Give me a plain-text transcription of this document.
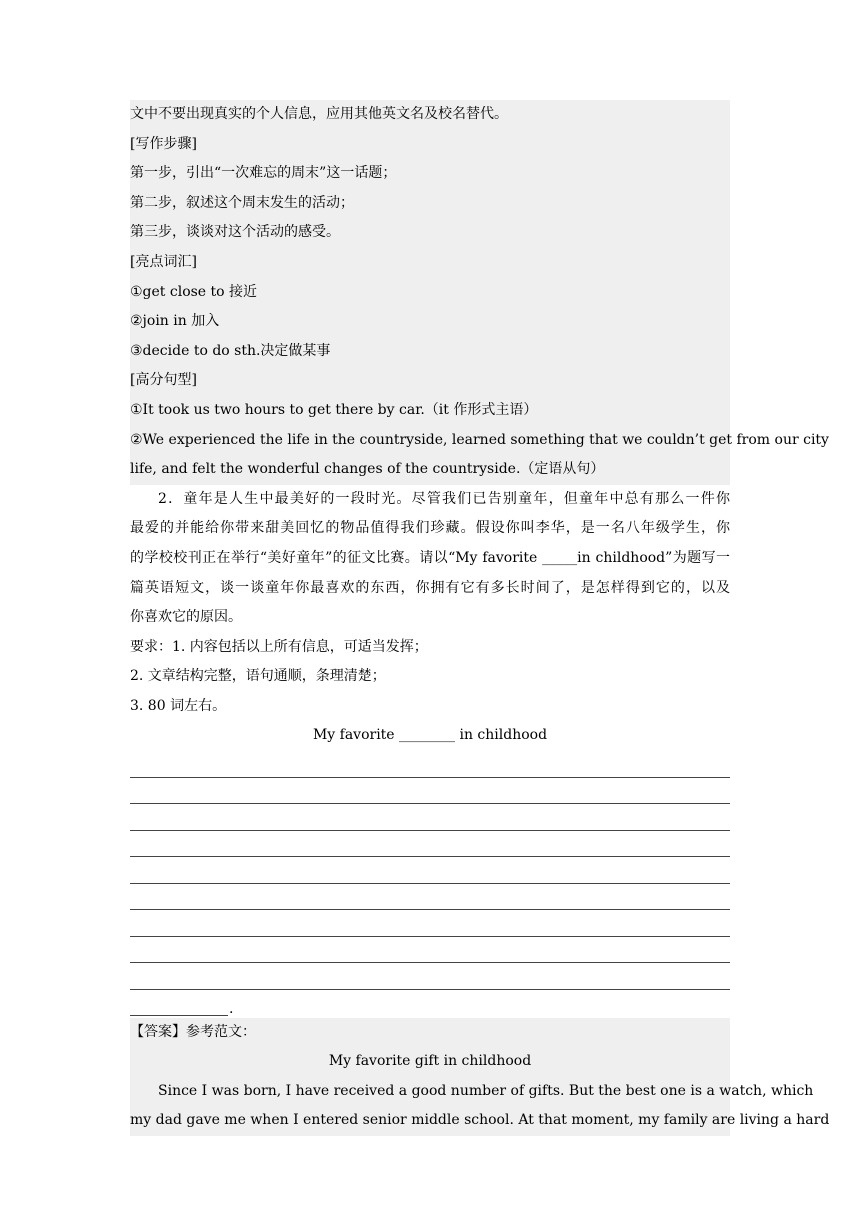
文中不要出现真实的个人信息，应用其他英文名及校名替代。
[写作步骤]
第一步，引出“一次难忘的周末”这一话题；
第二步，叙述这个周末发生的活动；
第三步，谈谈对这个活动的感受。
[亮点词汇]
①get close to 接近
②join in 加入
③decide to do sth.决定做某事
[高分句型]
①It took us two hours to get there by car.（it 作形式主语）
②We experienced the life in the countryside, learned something that we couldn’t get from our city
life, and felt the wonderful changes of the countryside.（定语从句）
2．童年是人生中最美好的一段时光。尽管我们已告别童年，但童年中总有那么一件你
最爱的并能给你带来甜美回忆的物品值得我们珍藏。假设你叫李华，是一名八年级学生，你
的学校校刊正在举行“美好童年”的征文比赛。请以“My favorite _____in childhood”为题写一
篇英语短文，谈一谈童年你最喜欢的东西，你拥有它有多长时间了，是怎样得到它的，以及
你喜欢它的原因。
要求：1. 内容包括以上所有信息，可适当发挥；
2. 文章结构完整，语句通顺，条理清楚；
3. 80 词左右。
My favorite ________ in childhood
.
【答案】参考范文：
My favorite gift in childhood
Since I was born, I have received a good number of gifts. But the best one is a watch, which
my dad gave me when I entered senior middle school. At that moment, my family are living a hard
